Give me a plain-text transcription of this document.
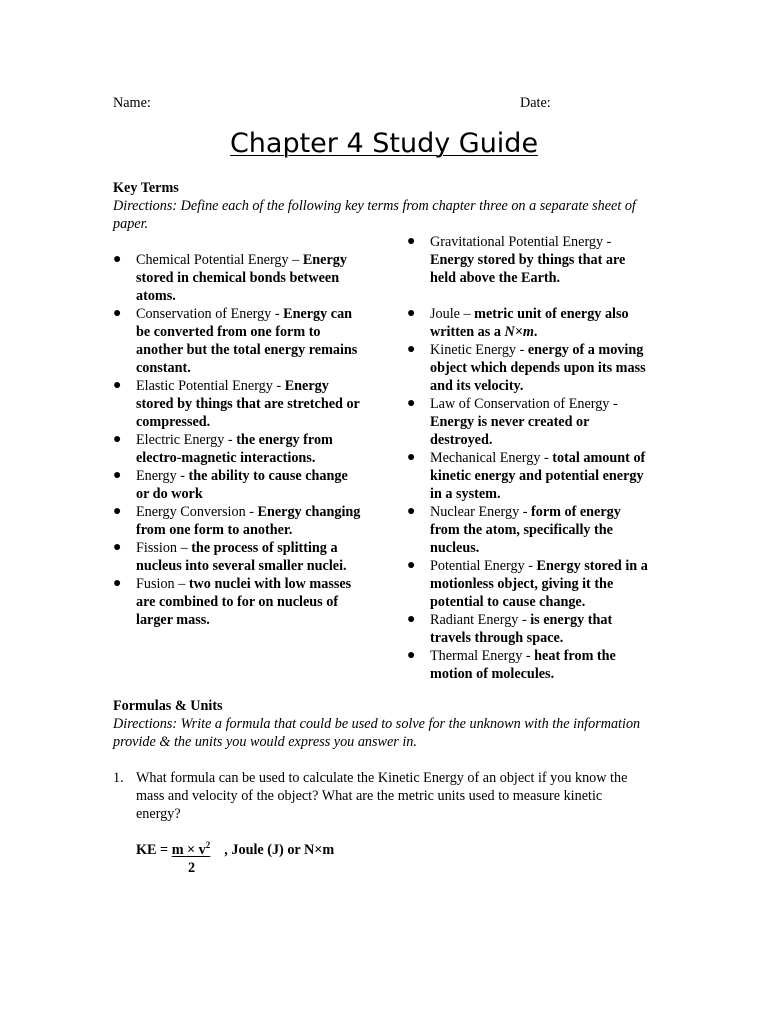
Name:	Date:
Chapter 4 Study Guide
Key Terms
Directions: Define each of the following key terms from chapter three on a separate sheet of paper.
● Chemical Potential Energy – Energy stored in chemical bonds between atoms.
● Conservation of Energy - Energy can be converted from one form to another but the total energy remains constant.
● Elastic Potential Energy - Energy stored by things that are stretched or compressed.
● Electric Energy - the energy from electro-magnetic interactions.
● Energy - the ability to cause change or do work
● Energy Conversion - Energy changing from one form to another.
● Fission – the process of splitting a nucleus into several smaller nuclei.
● Fusion – two nuclei with low masses are combined to for on nucleus of larger mass.
● Gravitational Potential Energy - Energy stored by things that are held above the Earth.
● Joule – metric unit of energy also written as a N×m.
● Kinetic Energy - energy of a moving object which depends upon its mass and its velocity.
● Law of Conservation of Energy - Energy is never created or destroyed.
● Mechanical Energy - total amount of kinetic energy and potential energy in a system.
● Nuclear Energy - form of energy from the atom, specifically the nucleus.
● Potential Energy - Energy stored in a motionless object, giving it the potential to cause change.
● Radiant Energy - is energy that travels through space.
● Thermal Energy - heat from the motion of molecules.
Formulas & Units
Directions: Write a formula that could be used to solve for the unknown with the information provide & the units you would express you answer in.
1. What formula can be used to calculate the Kinetic Energy of an object if you know the mass and velocity of the object? What are the metric units used to measure kinetic energy?
KE = $m \times v^2$ , Joule (J) or N×m
2
